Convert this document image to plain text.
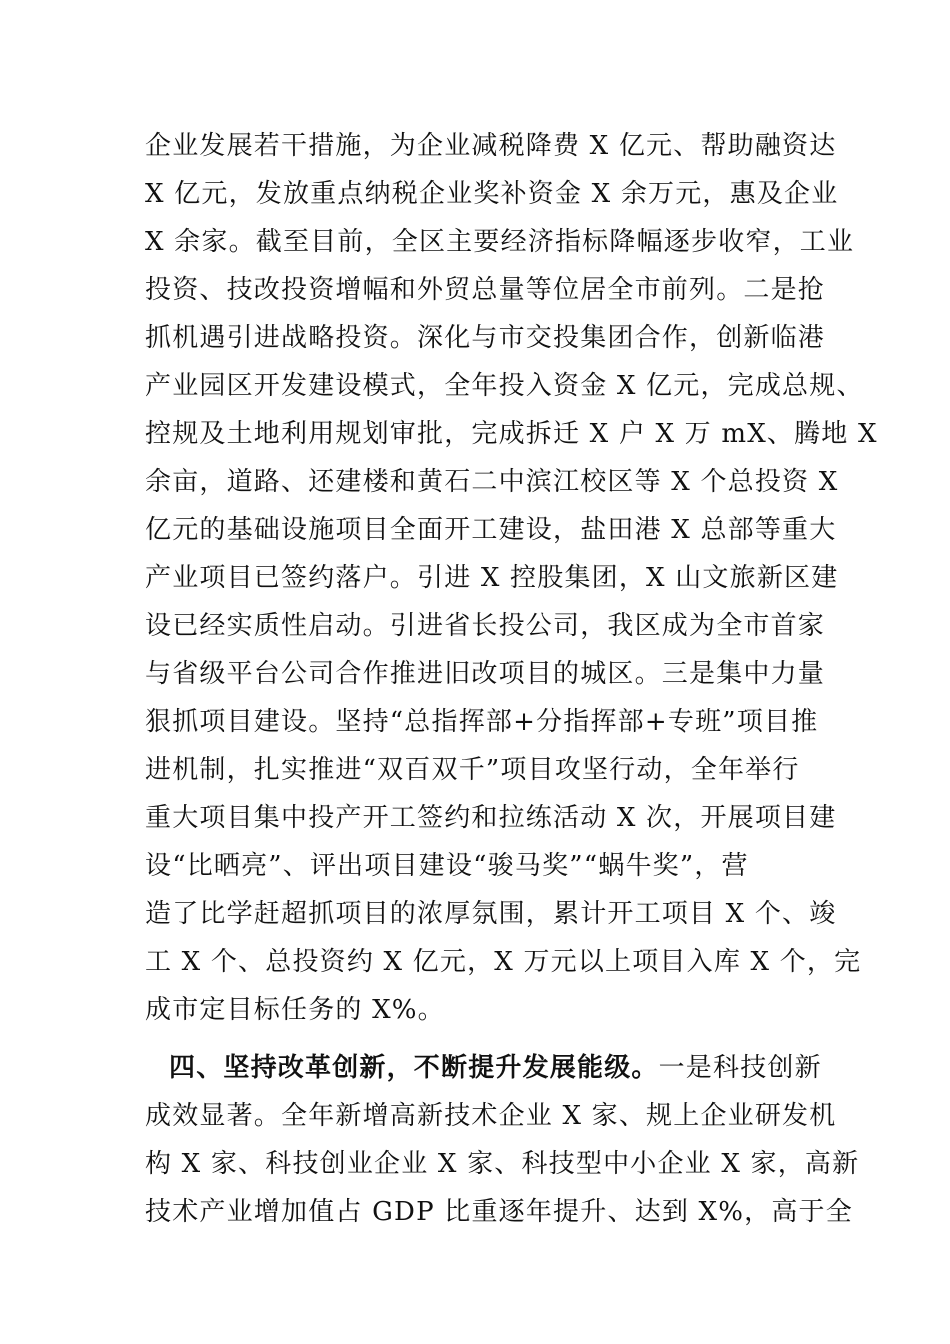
企业发展若干措施，为企业减税降费 X 亿元、帮助融资达
X 亿元，发放重点纳税企业奖补资金 X 余万元，惠及企业
X 余家。截至目前，全区主要经济指标降幅逐步收窄，工业
投资、技改投资增幅和外贸总量等位居全市前列。二是抢
抓机遇引进战略投资。深化与市交投集团合作，创新临港
产业园区开发建设模式，全年投入资金 X 亿元，完成总规、
控规及土地利用规划审批，完成拆迁 X 户 X 万 mX、腾地 X
余亩，道路、还建楼和黄石二中滨江校区等 X 个总投资 X
亿元的基础设施项目全面开工建设，盐田港 X 总部等重大
产业项目已签约落户。引进 X 控股集团，X 山文旅新区建
设已经实质性启动。引进省长投公司，我区成为全市首家
与省级平台公司合作推进旧改项目的城区。三是集中力量
狠抓项目建设。坚持“总指挥部+分指挥部+专班”项目推
进机制，扎实推进“双百双千”项目攻坚行动，全年举行
重大项目集中投产开工签约和拉练活动 X 次，开展项目建
设“比晒亮”、评出项目建设“骏马奖”“蜗牛奖”，营
造了比学赶超抓项目的浓厚氛围，累计开工项目 X 个、竣
工 X 个、总投资约 X 亿元，X 万元以上项目入库 X 个，完
成市定目标任务的 X%。
四、坚持改革创新，不断提升发展能级。一是科技创新
成效显著。全年新增高新技术企业 X 家、规上企业研发机
构 X 家、科技创业企业 X 家、科技型中小企业 X 家，高新
技术产业增加值占 GDP 比重逐年提升、达到 X%，高于全
